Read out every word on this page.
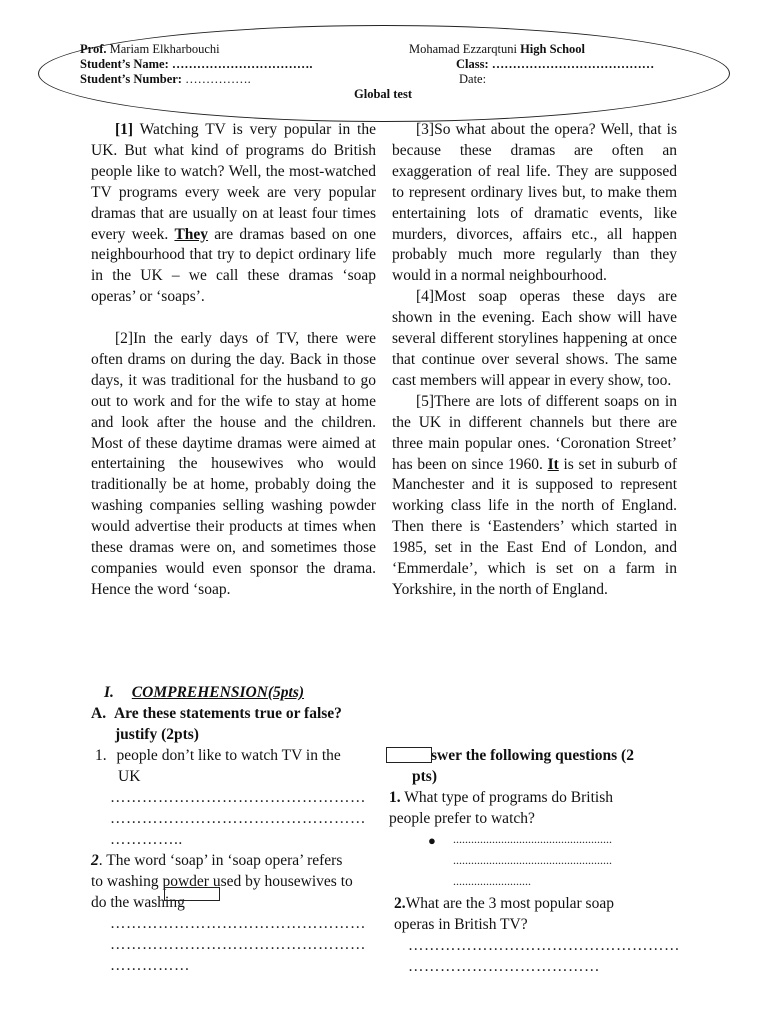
Prof. Mariam Elkharbouchi	Mohamad Ezzarqtuni High School
Student’s Name: …………………………….	Class: …………………………………
Student’s Number: …………….	Date:
Global test

[1] Watching TV is very popular in the UK. But what kind of programs do British people like to watch? Well, the most-watched TV programs every week are very popular dramas that are usually on at least four times every week. They are dramas based on one neighbourhood that try to depict ordinary life in the UK – we call these dramas ‘soap operas’ or ‘soaps’.

[2]In the early days of TV, there were often drams on during the day. Back in those days, it was traditional for the husband to go out to work and for the wife to stay at home and look after the house and the children. Most of these daytime dramas were aimed at entertaining the housewives who would traditionally be at home, probably doing the washing companies selling washing powder would advertise their products at times when these dramas were on, and sometimes those companies would even sponsor the drama. Hence the word ‘soap.

[3]So what about the opera? Well, that is because these dramas are often an exaggeration of real life. They are supposed to represent ordinary lives but, to make them entertaining lots of dramatic events, like murders, divorces, affairs etc., all happen probably much more regularly than they would in a normal neighbourhood.

[4]Most soap operas these days are shown in the evening. Each show will have several different storylines happening at once that continue over several shows. The same cast members will appear in every show, too.

[5]There are lots of different soaps on in the UK in different channels but there are three main popular ones. ‘Coronation Street’ has been on since 1960. It is set in suburb of Manchester and it is supposed to represent working class life in the north of England. Then there is ‘Eastenders’ which started in 1985, set in the East End of London, and ‘Emmerdale’, which is set on a farm in Yorkshire, in the north of England.

I. COMPREHENSION(5pts)
A. Are these statements true or false?
justify (2pts)
1. people don’t like to watch TV in the
UK
…………………………………………
…………………………………………
…………..
2. The word ‘soap’ in ‘soap opera’ refers
to washing powder used by housewives to
do the washing
…………………………………………
…………………………………………
……………
swer the following questions (2
pts)
1. What type of programs do British
people prefer to watch?
● .....................................................
.....................................................
..........................
2.What are the 3 most popular soap
operas in British TV?
……………………………………………
………………………………
